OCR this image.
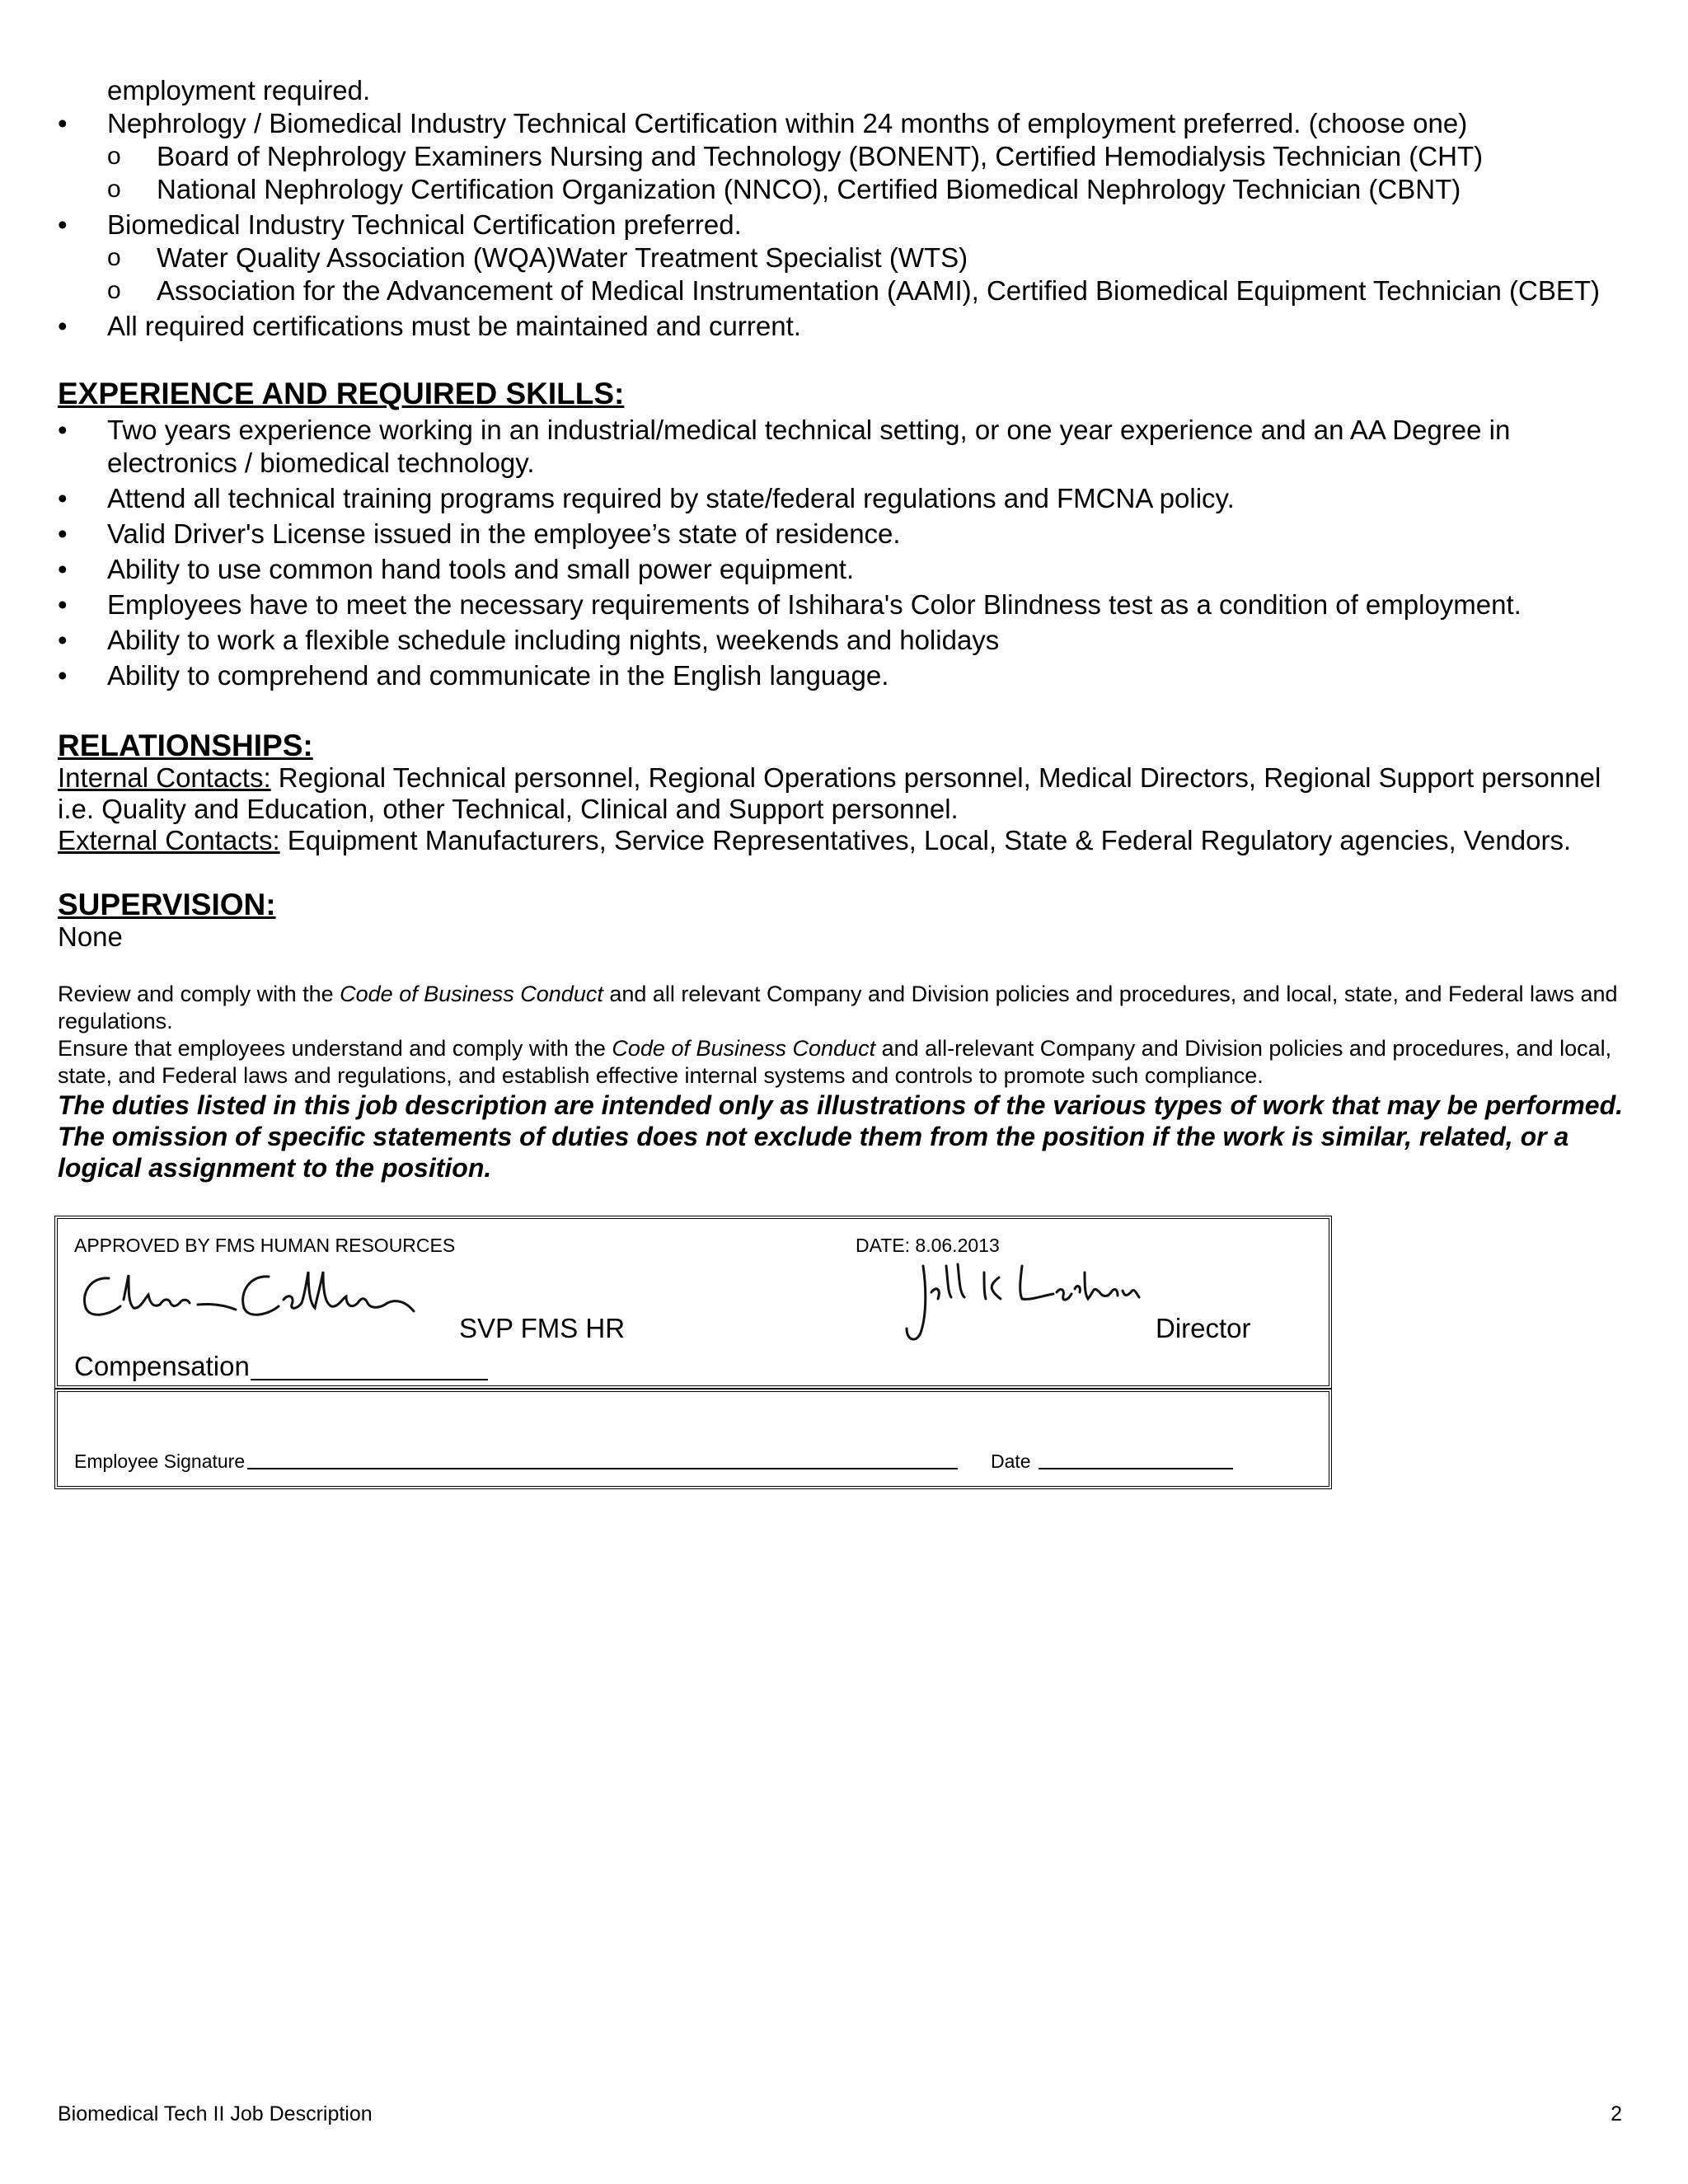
employment required.
•	Nephrology / Biomedical Industry Technical Certification within 24 months of employment preferred. (choose one)
o	Board of Nephrology Examiners Nursing and Technology (BONENT), Certified Hemodialysis Technician (CHT)
o	National Nephrology Certification Organization (NNCO), Certified Biomedical Nephrology Technician (CBNT)
•	Biomedical Industry Technical Certification preferred.
o	Water Quality Association (WQA)Water Treatment Specialist (WTS)
o	Association for the Advancement of Medical Instrumentation (AAMI), Certified Biomedical Equipment Technician (CBET)
•	All required certifications must be maintained and current.
EXPERIENCE AND REQUIRED SKILLS:
•	Two years experience working in an industrial/medical technical setting, or one year experience and an AA Degree in electronics / biomedical technology.
•	Attend all technical training programs required by state/federal regulations and FMCNA policy.
•	Valid Driver's License issued in the employee’s state of residence.
•	Ability to use common hand tools and small power equipment.
•	Employees have to meet the necessary requirements of Ishihara's Color Blindness test as a condition of employment.
•	Ability to work a flexible schedule including nights, weekends and holidays
•	Ability to comprehend and communicate in the English language.
RELATIONSHIPS:
Internal Contacts: Regional Technical personnel, Regional Operations personnel, Medical Directors, Regional Support personnel i.e. Quality and Education, other Technical, Clinical and Support personnel.
External Contacts: Equipment Manufacturers, Service Representatives, Local, State & Federal Regulatory agencies, Vendors.
SUPERVISION:
None
Review and comply with the Code of Business Conduct and all relevant Company and Division policies and procedures, and local, state, and Federal laws and regulations.
Ensure that employees understand and comply with the Code of Business Conduct and all-relevant Company and Division policies and procedures, and local, state, and Federal laws and regulations, and establish effective internal systems and controls to promote such compliance.
The duties listed in this job description are intended only as illustrations of the various types of work that may be performed. The omission of specific statements of duties does not exclude them from the position if the work is similar, related, or a logical assignment to the position.
APPROVED BY FMS HUMAN RESOURCES	DATE: 8.06.2013
SVP FMS HR	Director
Compensation
Employee Signature	Date
Biomedical Tech II Job Description	2
